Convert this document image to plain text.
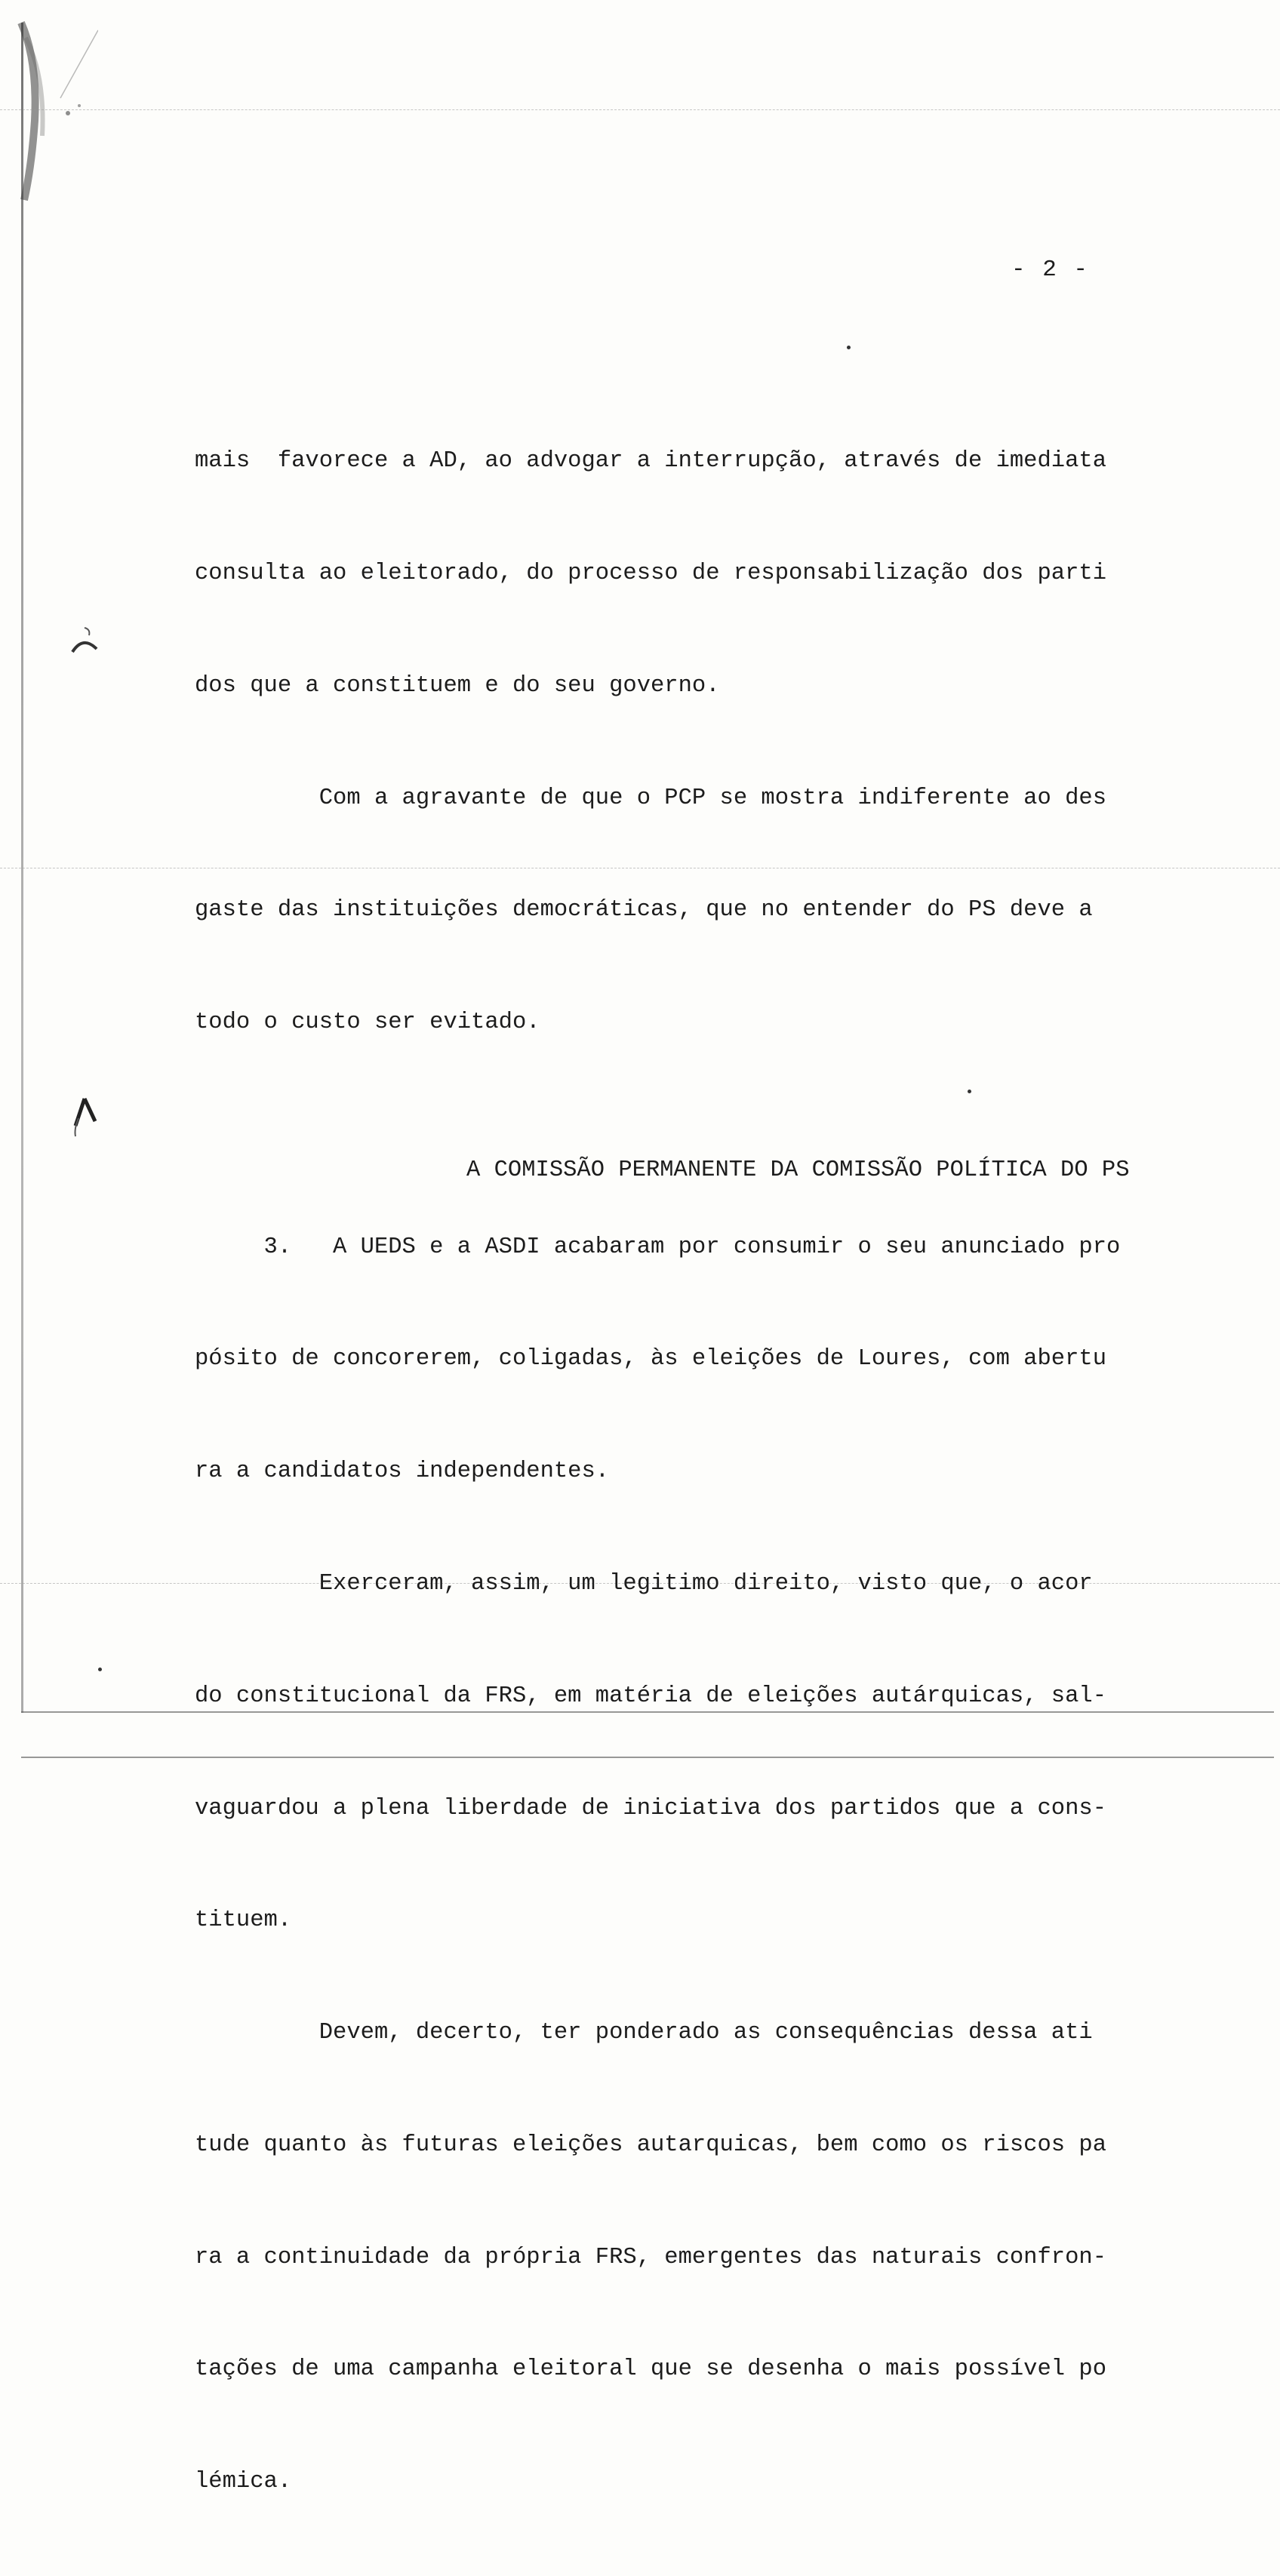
- 2 -

mais  favorece a AD, ao advogar a interrupção, através de imediata

consulta ao eleitorado, do processo de responsabilização dos parti

dos que a constituem e do seu governo.

Com a agravante de que o PCP se mostra indiferente ao des

gaste das instituições democráticas, que no entender do PS deve a

todo o custo ser evitado.

3.   A UEDS e a ASDI acabaram por consumir o seu anunciado pro

pósito de concorerem, coligadas, às eleições de Loures, com abertu

ra a candidatos independentes.

Exerceram, assim, um legitimo direito, visto que, o acor

do constitucional da FRS, em matéria de eleições autárquicas, sal-

vaguardou a plena liberdade de iniciativa dos partidos que a cons-

tituem.

Devem, decerto, ter ponderado as consequências dessa ati

tude quanto às futuras eleições autarquicas, bem como os riscos pa

ra a continuidade da própria FRS, emergentes das naturais confron-

tações de uma campanha eleitoral que se desenha o mais possível po

lémica.

A COMISSÃO PERMANENTE DA COMISSÃO POLÍTICA DO PS
